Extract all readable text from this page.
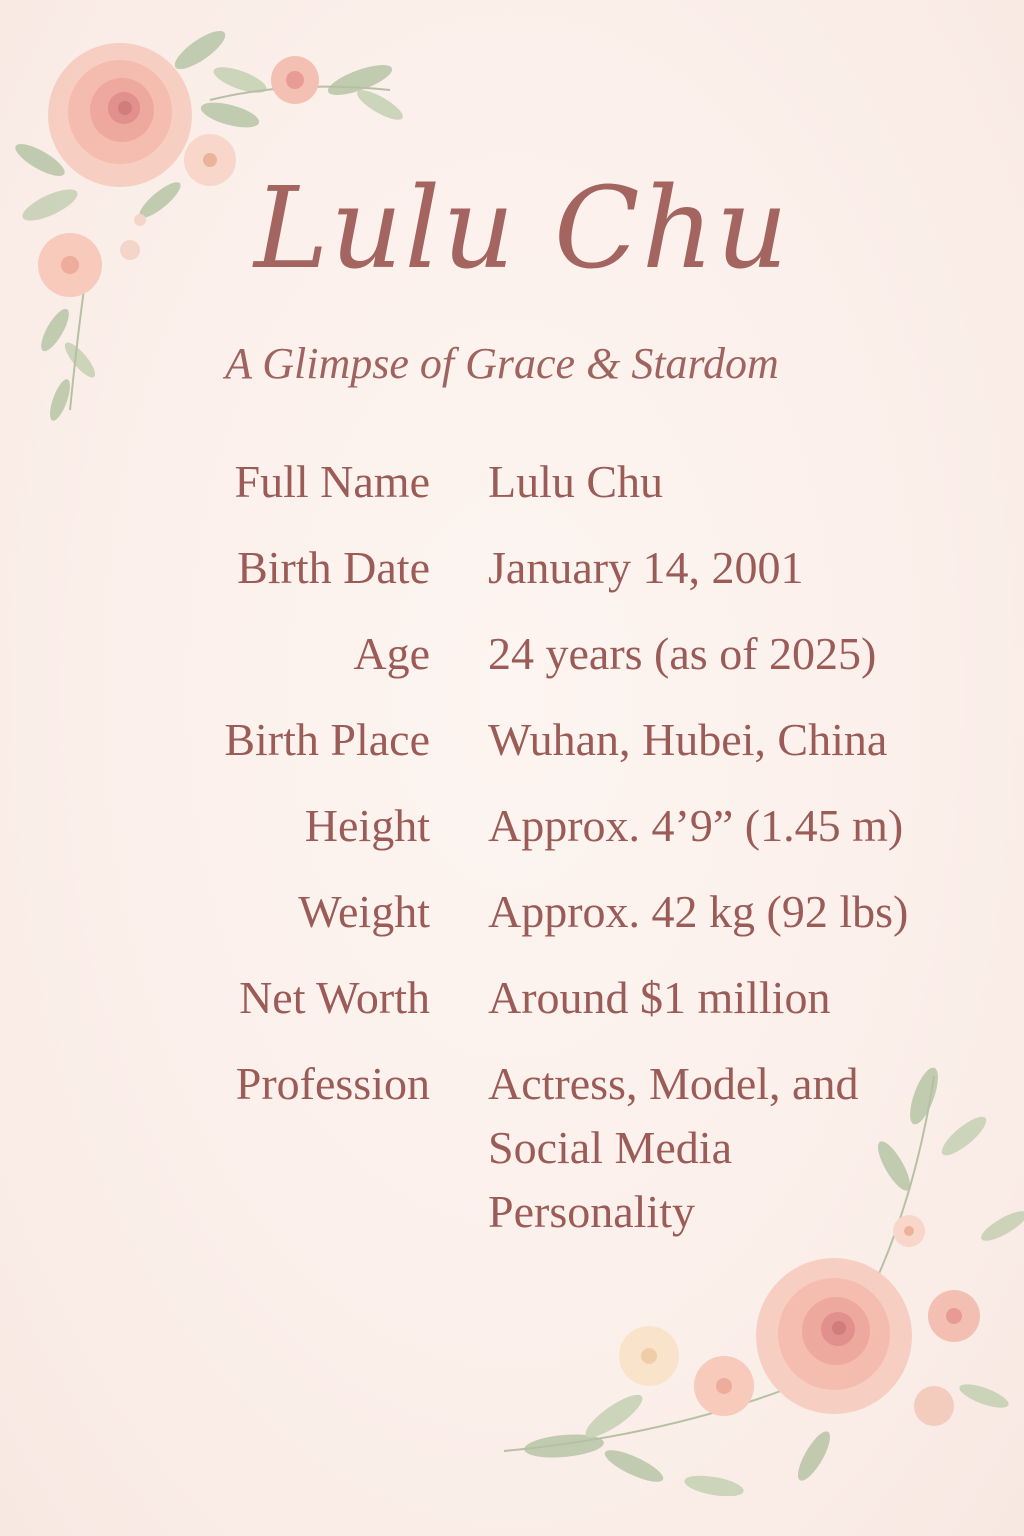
Lulu Chu
A Glimpse of Grace & Stardom
Full Name Lulu Chu
Birth Date January 14, 2001
Age 24 years (as of 2025)
Birth Place Wuhan, Hubei, China
Height Approx. 4’9” (1.45 m)
Weight Approx. 42 kg (92 lbs)
Net Worth Around $1 million
Profession Actress, Model, and Social Media Personality
